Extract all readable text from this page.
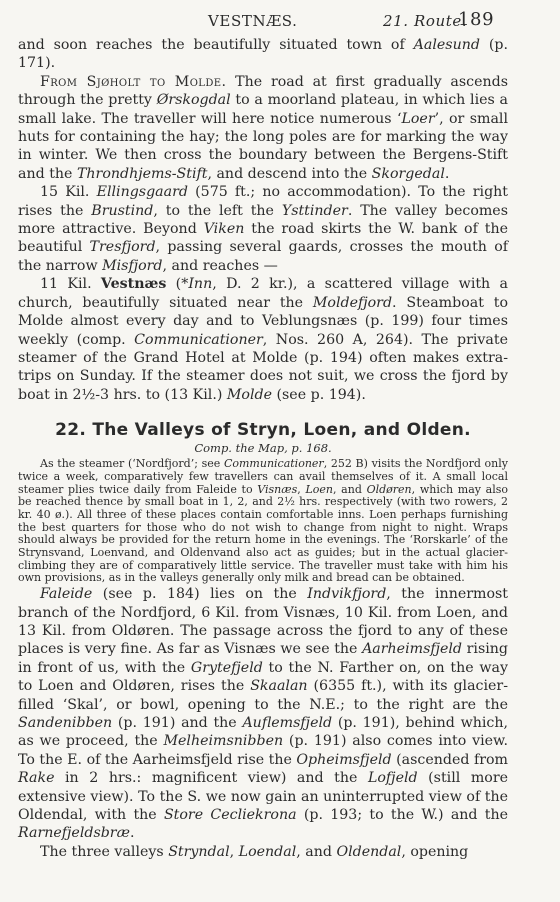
VESTNÆS.	21. Route.
189

and soon reaches the beautifully situated town of Aalesund (p. 171).

From Sjøholt to Molde. The road at first gradually ascends through the pretty Ørskogdal to a moorland plateau, in which lies a small lake. The traveller will here notice numerous ‘Loer’, or small huts for containing the hay; the long poles are for marking the way in winter. We then cross the boundary between the Bergens-Stift and the Throndhjems-Stift, and descend into the Skorgedal.

15 Kil. Ellingsgaard (575 ft.; no accommodation). To the right rises the Brustind, to the left the Ysttinder. The valley becomes more attractive. Beyond Viken the road skirts the W. bank of the beautiful Tresfjord, passing several gaards, crosses the mouth of the narrow Misfjord, and reaches —

11 Kil. Vestnæs (*Inn, D. 2 kr.), a scattered village with a church, beautifully situated near the Moldefjord. Steamboat to Molde almost every day and to Veblungsnæs (p. 199) four times weekly (comp. Communicationer, Nos. 260 A, 264). The private steamer of the Grand Hotel at Molde (p. 194) often makes extra-trips on Sunday. If the steamer does not suit, we cross the fjord by boat in 2½-3 hrs. to (13 Kil.) Molde (see p. 194).

22. The Valleys of Stryn, Loen, and Olden.
Comp. the Map, p. 168.

As the steamer (‘Nordfjord’; see Communicationer, 252 B) visits the Nordfjord only twice a week, comparatively few travellers can avail themselves of it. A small local steamer plies twice daily from Faleide to Visnæs, Loen, and Oldøren, which may also be reached thence by small boat in 1, 2, and 2½ hrs. respectively (with two rowers, 2 kr. 40 ø.). All three of these places contain comfortable inns. Loen perhaps furnishing the best quarters for those who do not wish to change from night to night. Wraps should always be provided for the return home in the evenings. The ‘Rorskarle’ of the Strynsvand, Loenvand, and Oldenvand also act as guides; but in the actual glacier-climbing they are of comparatively little service. The traveller must take with him his own provisions, as in the valleys generally only milk and bread can be obtained.

Faleide (see p. 184) lies on the Indvikfjord, the innermost branch of the Nordfjord, 6 Kil. from Visnæs, 10 Kil. from Loen, and 13 Kil. from Oldøren. The passage across the fjord to any of these places is very fine. As far as Visnæs we see the Aarheimsfjeld rising in front of us, with the Grytefjeld to the N. Farther on, on the way to Loen and Oldøren, rises the Skaalan (6355 ft.), with its glacier-filled ‘Skal’, or bowl, opening to the N.E.; to the right are the Sandenibben (p. 191) and the Auflemsfjeld (p. 191), behind which, as we proceed, the Melheimsnibben (p. 191) also comes into view. To the E. of the Aarheimsfjeld rise the Opheimsfjeld (ascended from Rake in 2 hrs.: magnificent view) and the Lofjeld (still more extensive view). To the S. we now gain an uninterrupted view of the Oldendal, with the Store Cecliekrona (p. 193; to the W.) and the Rarnefjeldsbræ.

The three valleys Stryndal, Loendal, and Oldendal, opening
